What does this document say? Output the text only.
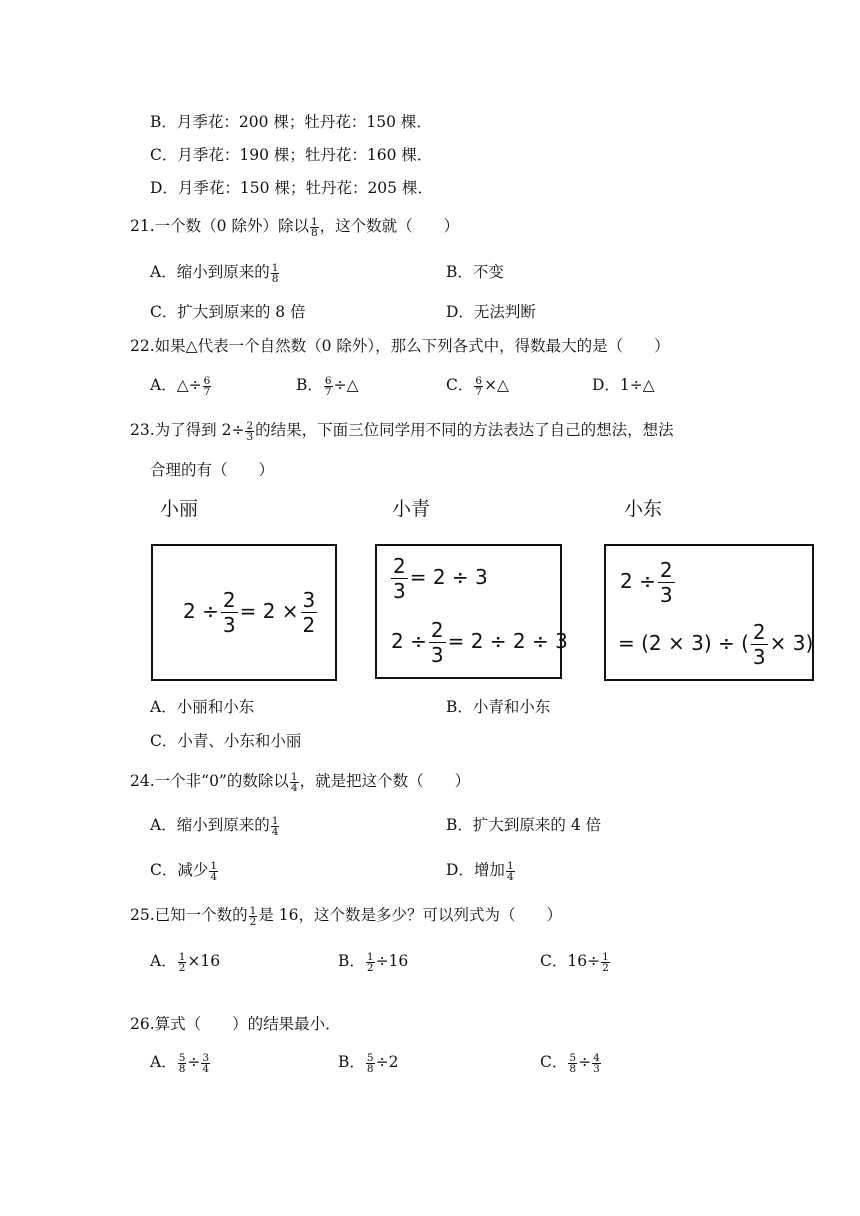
B．月季花：200 棵；牡丹花：150 棵．
C．月季花：190 棵；牡丹花：160 棵．
D．月季花：150 棵；牡丹花：205 棵．
21.一个数（0 除外）除以 $\frac{1}{8}$ ，这个数就（　　）
A．缩小到原来的 $\frac{1}{8}$	B．不变
C．扩大到原来的 8 倍	D．无法判断
22.如果△代表一个自然数（0 除外），那么下列各式中，得数最大的是（　　）
A．△÷ $\frac{6}{7}$	B． $\frac{6}{7}$ ÷△	C． $\frac{6}{7}$ ×△	D．1÷△
23.为了得到 $2\div \frac{2}{3}$ 的结果，下面三位同学用不同的方法表达了自己的想法，想法
合理的有（　　）
小丽	小青	小东
$2 \div \frac{2}{3} = 2 \times \frac{3}{2}$
$\frac{2}{3} = 2 \div 3$
$2 \div \frac{2}{3} = 2 \div 2 \div 3$
$2 \div \frac{2}{3}$
= (2 × 3) ÷ ( $\frac{2}{3} \times 3$)
A．小丽和小东	B．小青和小东
C．小青、小东和小丽
24.一个非“0”的数除以 $\frac{1}{4}$ ，就是把这个数（　　）
A．缩小到原来的 $\frac{1}{4}$	B．扩大到原来的 4 倍
C．减少 $\frac{1}{4}$	D．增加 $\frac{1}{4}$
25.已知一个数的 $\frac{1}{2}$ 是 16，这个数是多少？可以列式为（　　）
A． $\frac{1}{2} \times 16$	B． $\frac{1}{2} \div 16$	C．$16\div \frac{1}{2}$
26.算式（　　）的结果最小．
A． $\frac{5}{8} \div \frac{3}{4}$	B． $\frac{5}{8} \div 2$	C． $\frac{5}{8} \div \frac{4}{3}$
